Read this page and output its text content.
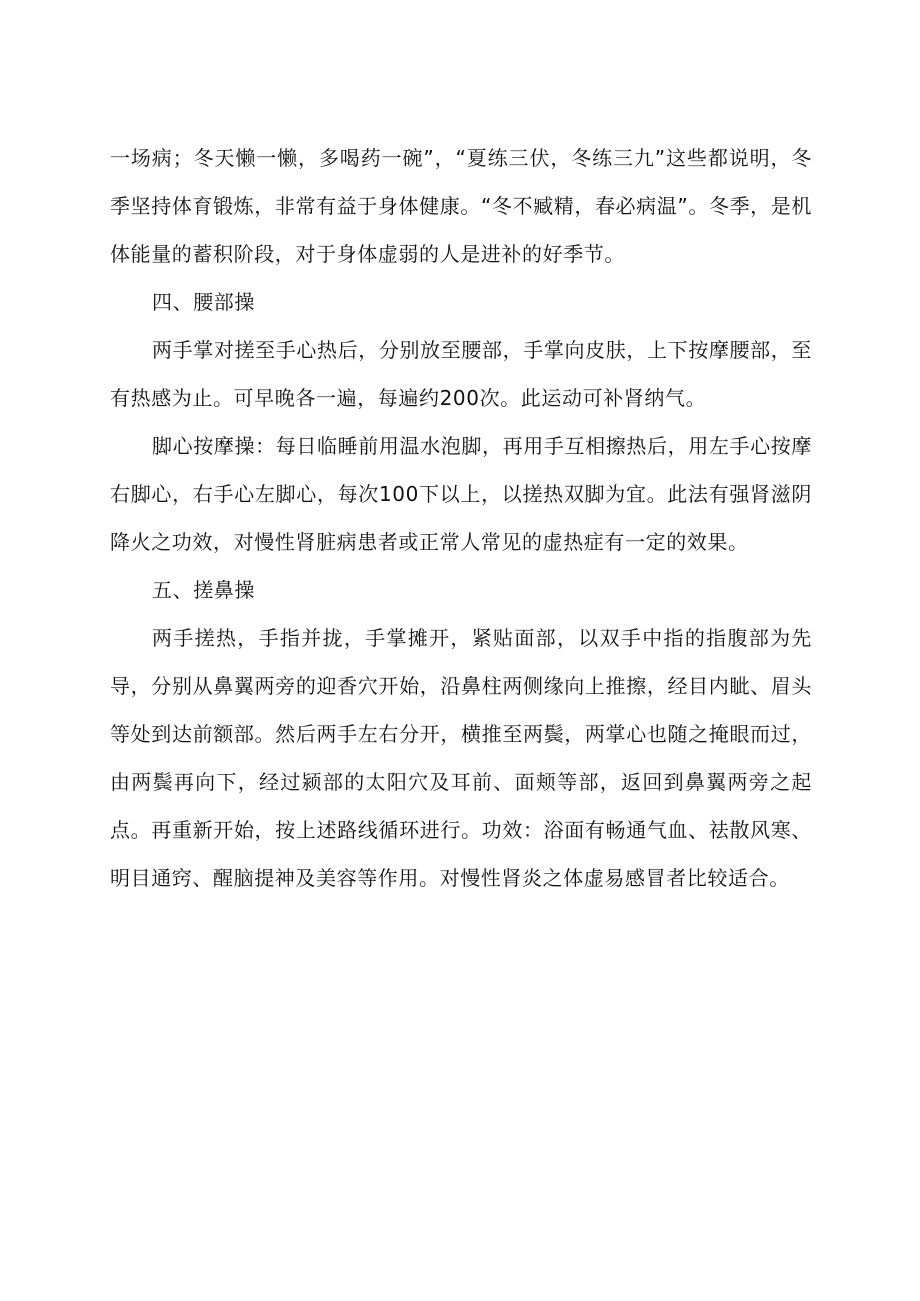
一场病；冬天懒一懒，多喝药一碗”，“夏练三伏，冬练三九”这些都说明，冬季坚持体育锻炼，非常有益于身体健康。“冬不臧精，春必病温”。冬季，是机体能量的蓄积阶段，对于身体虚弱的人是进补的好季节。

四、腰部操

两手掌对搓至手心热后，分别放至腰部，手掌向皮肤，上下按摩腰部，至有热感为止。可早晚各一遍，每遍约200次。此运动可补肾纳气。

脚心按摩操：每日临睡前用温水泡脚，再用手互相擦热后，用左手心按摩右脚心，右手心左脚心，每次100下以上，以搓热双脚为宜。此法有强肾滋阴降火之功效，对慢性肾脏病患者或正常人常见的虚热症有一定的效果。

五、搓鼻操

两手搓热，手指并拢，手掌摊开，紧贴面部，以双手中指的指腹部为先导，分别从鼻翼两旁的迎香穴开始，沿鼻柱两侧缘向上推擦，经目内眦、眉头等处到达前额部。然后两手左右分开，横推至两鬓，两掌心也随之掩眼而过，由两鬓再向下，经过颍部的太阳穴及耳前、面颊等部，返回到鼻翼两旁之起点。再重新开始，按上述路线循环进行。功效：浴面有畅通气血、祛散风寒、明目通窍、醒脑提神及美容等作用。对慢性肾炎之体虚易感冒者比较适合。
